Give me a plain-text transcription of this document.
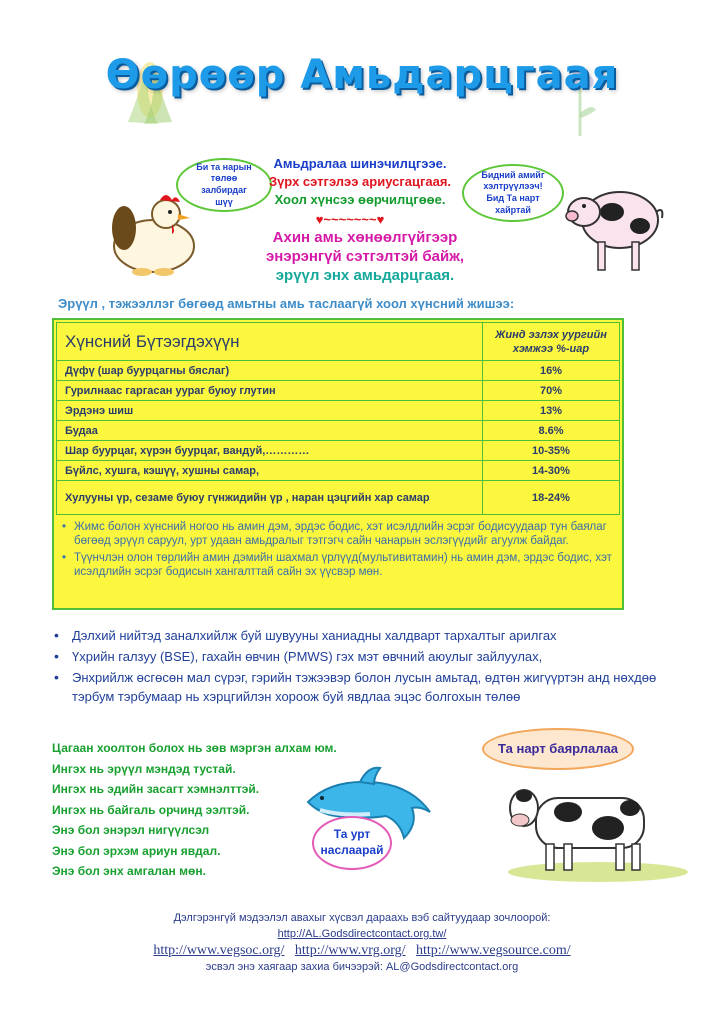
Өөрөөр Амьдарцгаая
Би та нарын төлөө залбирдаг шүү
Бидний амийг хэлтрүүлээч! Бид Та нарт хайртай
Амьдралаа шинэчилцгээе.
Зүрх сэтгэлээ ариусгацгаая.
Хоол хүнсээ өөрчилцгөөе.
♥~~~~~~~♥
Ахин амь хөнөөлгүйгээр
энэрэнгүй сэтгэлтэй байж,
эрүүл энх амьдарцгаая.
Эрүүл , тэжээллэг бөгөөд амьтны амь таслаагүй хоол хүнсний жишээ:
Хүнсний Бүтээгдэхүүн	Жинд эзлэх уургийн хэмжээ %-иар
Дүфү (шар буурцагны бяслаг)	16%
Гурилнаас гаргасан уураг буюу глутин	70%
Эрдэнэ шиш	13%
Будаа	8.6%
Шар буурцаг, хүрэн буурцаг, вандуй,…………	10-35%
Бүйлс, хушга, кэшүү, хушны самар,	14-30%
Хулууны үр, сезаме буюу гүнжидийн үр , наран цэцгийн хар самар	18-24%
• Жимс болон хүнсний ногоо нь амин дэм, эрдэс бодис, хэт исэлдлийн эсрэг бодисуудаар тун баялаг бөгөөд эрүүл саруул, урт удаан амьдралыг тэтгэгч сайн чанарын эслэгүүдийг агуулж байдаг.
• Түүнчлэн олон төрлийн амин дэмийн шахмал үрлүүд(мультивитамин) нь амин дэм, эрдэс бодис, хэт исэлдлийн эсрэг бодисын хангалттай сайн эх үүсвэр мөн.
• Дэлхий нийтэд заналхийлж буй шувууны ханиадны халдварт тархалтыг арилгах
• Үхрийн галзуу (BSE), гахайн өвчин (PMWS) гэх мэт өвчний аюулыг зайлуулах,
• Энхрийлж өсгөсөн мал сүрэг, гэрийн тэжээвэр болон лусын амьтад, өдтөн жигүүртэн анд нөхдөө тэрбум тэрбумаар нь хэрцгийлэн хороож буй явдлаа эцэс болгохын төлөө
Цагаан хоолтон болох нь зөв мэргэн алхам юм.
Ингэх нь эрүүл мэндэд тустай.
Ингэх нь эдийн засагт хэмнэлттэй.
Ингэх нь байгаль орчинд ээлтэй.
Энэ бол энэрэл нигүүлсэл
Энэ бол эрхэм ариун явдал.
Энэ бол энх амгалан мөн.
Та урт наслаарай
Та нарт баярлалаа
Дэлгэрэнгүй мэдээлэл авахыг хүсвэл дараахь вэб сайтуудаар зочлоорой:
http://AL.Godsdirectcontact.org.tw/
http://www.vegsoc.org/ http://www.vrg.org/ http://www.vegsource.com/
эсвэл энэ хаягаар захиа бичээрэй: AL@Godsdirectcontact.org
